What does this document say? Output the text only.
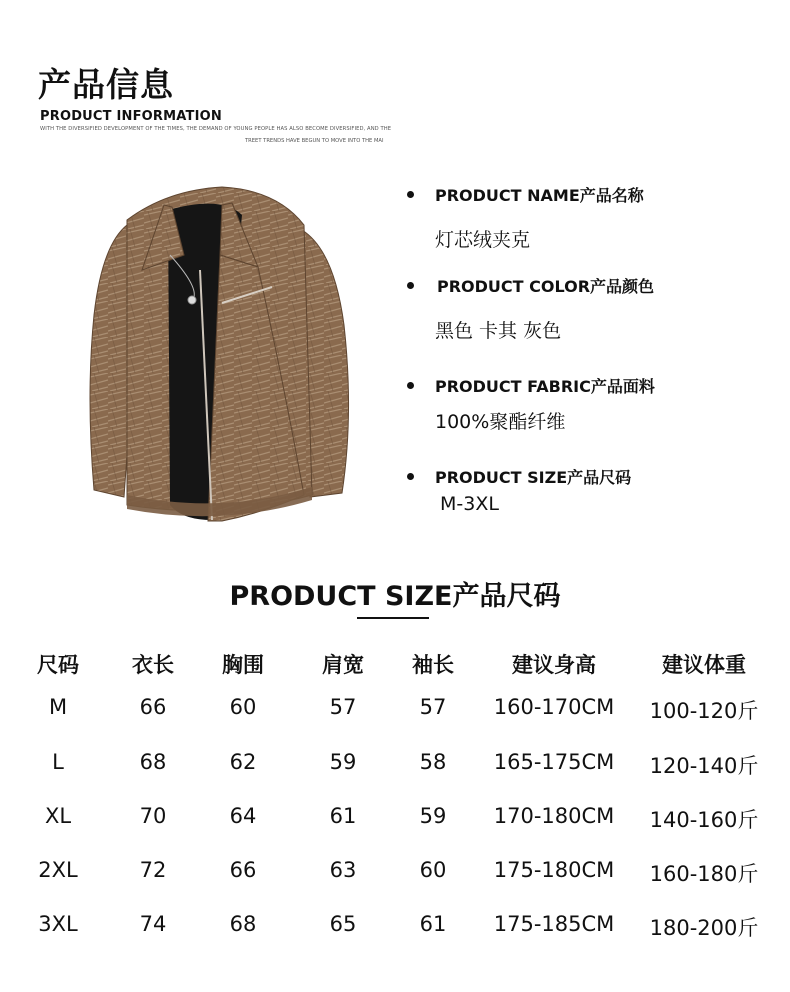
产品信息
PRODUCT INFORMATION
WITH THE DIVERSIFIED DEVELOPMENT OF THE TIMES, THE DEMAND OF YOUNG PEOPLE HAS ALSO BECOME DIVERSIFIED, AND THE
TREET TRENDS HAVE BEGUN TO MOVE INTO THE MAI
PRODUCT NAME产品名称
灯芯绒夹克
PRODUCT COLOR产品颜色
黑色 卡其 灰色
PRODUCT FABRIC产品面料
100%聚酯纤维
PRODUCT SIZE产品尺码
M-3XL
PRODUCT SIZE产品尺码
尺码	衣长 胸围	肩宽 袖长	建议身高	建议体重
M	66	60	57	57 160-170CM 100-120斤
L	68	62	59	58 165-175CM 120-140斤
XL	70	64	61	59 170-180CM 140-160斤
2XL	72	66	63	60 175-180CM 160-180斤
3XL	74	68	65	61 175-185CM 180-200斤
